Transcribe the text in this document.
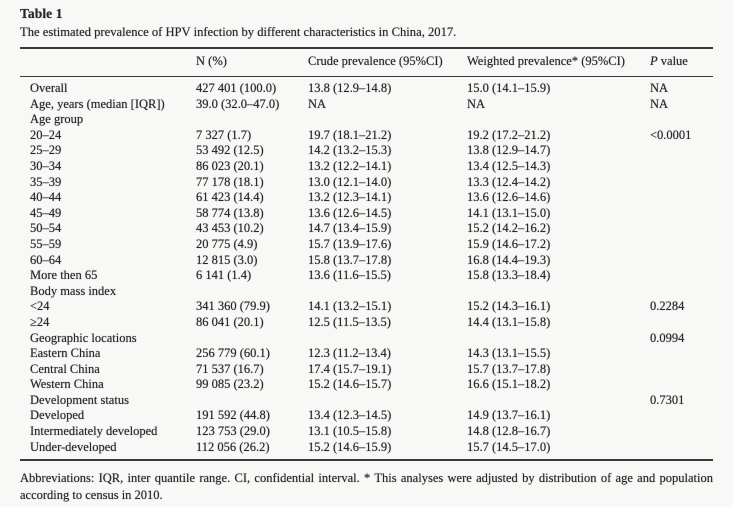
Table 1
The estimated prevalence of HPV infection by different characteristics in China, 2017.
	N (%)	Crude prevalence (95%CI)	Weighted prevalence* (95%CI)	P value
Overall	427 401 (100.0)	13.8 (12.9–14.8)	15.0 (14.1–15.9)	NA
Age, years (median [IQR])	39.0 (32.0–47.0)	NA	NA	NA
Age group				
20–24	7 327 (1.7)	19.7 (18.1–21.2)	19.2 (17.2–21.2)	<0.0001
25–29	53 492 (12.5)	14.2 (13.2–15.3)	13.8 (12.9–14.7)	
30–34	86 023 (20.1)	13.2 (12.2–14.1)	13.4 (12.5–14.3)	
35–39	77 178 (18.1)	13.0 (12.1–14.0)	13.3 (12.4–14.2)	
40–44	61 423 (14.4)	13.2 (12.3–14.1)	13.6 (12.6–14.6)	
45–49	58 774 (13.8)	13.6 (12.6–14.5)	14.1 (13.1–15.0)	
50–54	43 453 (10.2)	14.7 (13.4–15.9)	15.2 (14.2–16.2)	
55–59	20 775 (4.9)	15.7 (13.9–17.6)	15.9 (14.6–17.2)	
60–64	12 815 (3.0)	15.8 (13.7–17.8)	16.8 (14.4–19.3)	
More then 65	6 141 (1.4)	13.6 (11.6–15.5)	15.8 (13.3–18.4)	
Body mass index				
<24	341 360 (79.9)	14.1 (13.2–15.1)	15.2 (14.3–16.1)	0.2284
≥24	86 041 (20.1)	12.5 (11.5–13.5)	14.4 (13.1–15.8)	
Geographic locations				0.0994
Eastern China	256 779 (60.1)	12.3 (11.2–13.4)	14.3 (13.1–15.5)	
Central China	71 537 (16.7)	17.4 (15.7–19.1)	15.7 (13.7–17.8)	
Western China	99 085 (23.2)	15.2 (14.6–15.7)	16.6 (15.1–18.2)	
Development status				0.7301
Developed	191 592 (44.8)	13.4 (12.3–14.5)	14.9 (13.7–16.1)	
Intermediately developed	123 753 (29.0)	13.1 (10.5–15.8)	14.8 (12.8–16.7)	
Under-developed	112 056 (26.2)	15.2 (14.6–15.9)	15.7 (14.5–17.0)	
Abbreviations: IQR, inter quantile range. CI, confidential interval. * This analyses were adjusted by distribution of age and population according to census in 2010.
